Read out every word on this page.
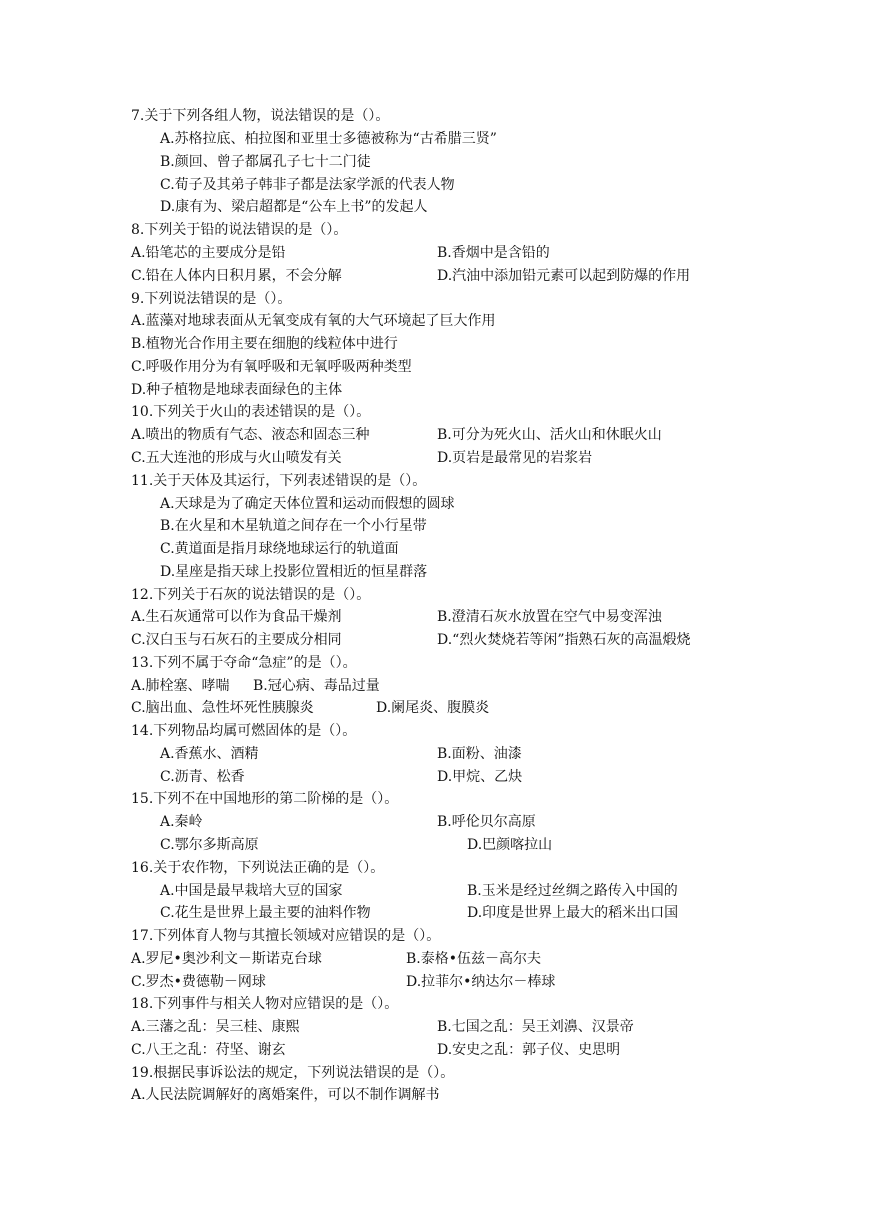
7.关于下列各组人物，说法错误的是（）。
A.苏格拉底、柏拉图和亚里士多德被称为“古希腊三贤”
B.颜回、曾子都属孔子七十二门徒
C.荀子及其弟子韩非子都是法家学派的代表人物
D.康有为、梁启超都是“公车上书”的发起人
8.下列关于铅的说法错误的是（）。
A.铅笔芯的主要成分是铅	B.香烟中是含铅的
C.铅在人体内日积月累，不会分解	D.汽油中添加铅元素可以起到防爆的作用
9.下列说法错误的是（）。
A.蓝藻对地球表面从无氧变成有氧的大气环境起了巨大作用
B.植物光合作用主要在细胞的线粒体中进行
C.呼吸作用分为有氧呼吸和无氧呼吸两种类型
D.种子植物是地球表面绿色的主体
10.下列关于火山的表述错误的是（）。
A.喷出的物质有气态、液态和固态三种	B.可分为死火山、活火山和休眠火山
C.五大连池的形成与火山喷发有关	D.页岩是最常见的岩浆岩
11.关于天体及其运行，下列表述错误的是（）。
A.天球是为了确定天体位置和运动而假想的圆球
B.在火星和木星轨道之间存在一个小行星带
C.黄道面是指月球绕地球运行的轨道面
D.星座是指天球上投影位置相近的恒星群落
12.下列关于石灰的说法错误的是（）。
A.生石灰通常可以作为食品干燥剂	B.澄清石灰水放置在空气中易变浑浊
C.汉白玉与石灰石的主要成分相同	D.“烈火焚烧若等闲”指熟石灰的高温煅烧
13.下列不属于夺命“急症”的是（）。
A.肺栓塞、哮喘 B.冠心病、毒品过量
C.脑出血、急性坏死性胰腺炎	D.阑尾炎、腹膜炎
14.下列物品均属可燃固体的是（）。
A.香蕉水、酒精	B.面粉、油漆
C.沥青、松香	D.甲烷、乙炔
15.下列不在中国地形的第二阶梯的是（）。
A.秦岭	B.呼伦贝尔高原
C.鄂尔多斯高原	D.巴颜喀拉山
16.关于农作物，下列说法正确的是（）。
A.中国是最早栽培大豆的国家	B.玉米是经过丝绸之路传入中国的
C.花生是世界上最主要的油料作物	D.印度是世界上最大的稻米出口国
17.下列体育人物与其擅长领域对应错误的是（）。
A.罗尼•奥沙利文－斯诺克台球	B.泰格•伍兹－高尔夫
C.罗杰•费德勒－网球	D.拉菲尔•纳达尔－棒球
18.下列事件与相关人物对应错误的是（）。
A.三藩之乱：吴三桂、康熙	B.七国之乱：吴王刘濞、汉景帝
C.八王之乱：苻坚、谢玄	D.安史之乱：郭子仪、史思明
19.根据民事诉讼法的规定，下列说法错误的是（）。
A.人民法院调解好的离婚案件，可以不制作调解书
